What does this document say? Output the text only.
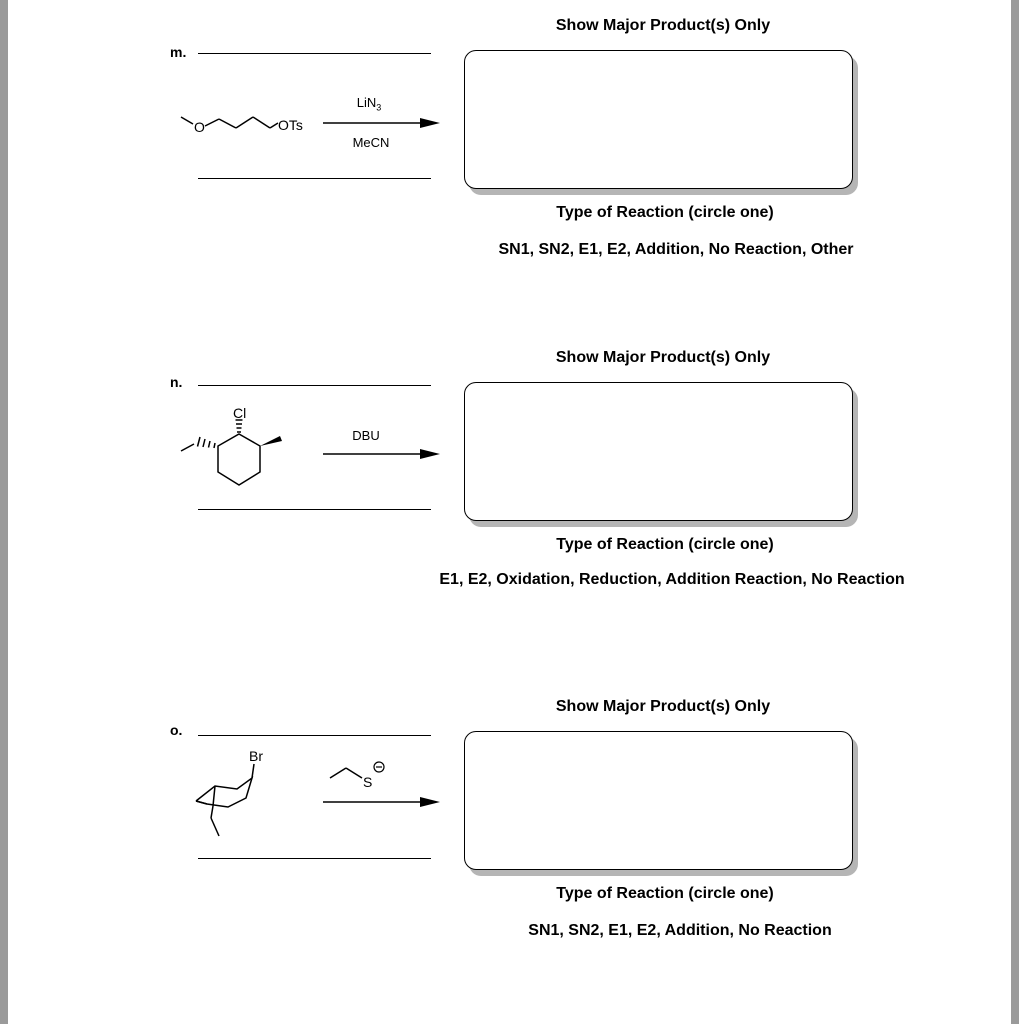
m.
Show Major Product(s) Only
Type of Reaction (circle one)
SN1, SN2, E1, E2, Addition, No Reaction, Other
O	OTs
LiN$_3$
MeCN
n.
Show Major Product(s) Only
Type of Reaction (circle one)
E1, E2, Oxidation, Reduction, Addition Reaction, No Reaction
Cl
DBU
o.
Show Major Product(s) Only
Type of Reaction (circle one)
SN1, SN2, E1, E2, Addition, No Reaction
Br
S
